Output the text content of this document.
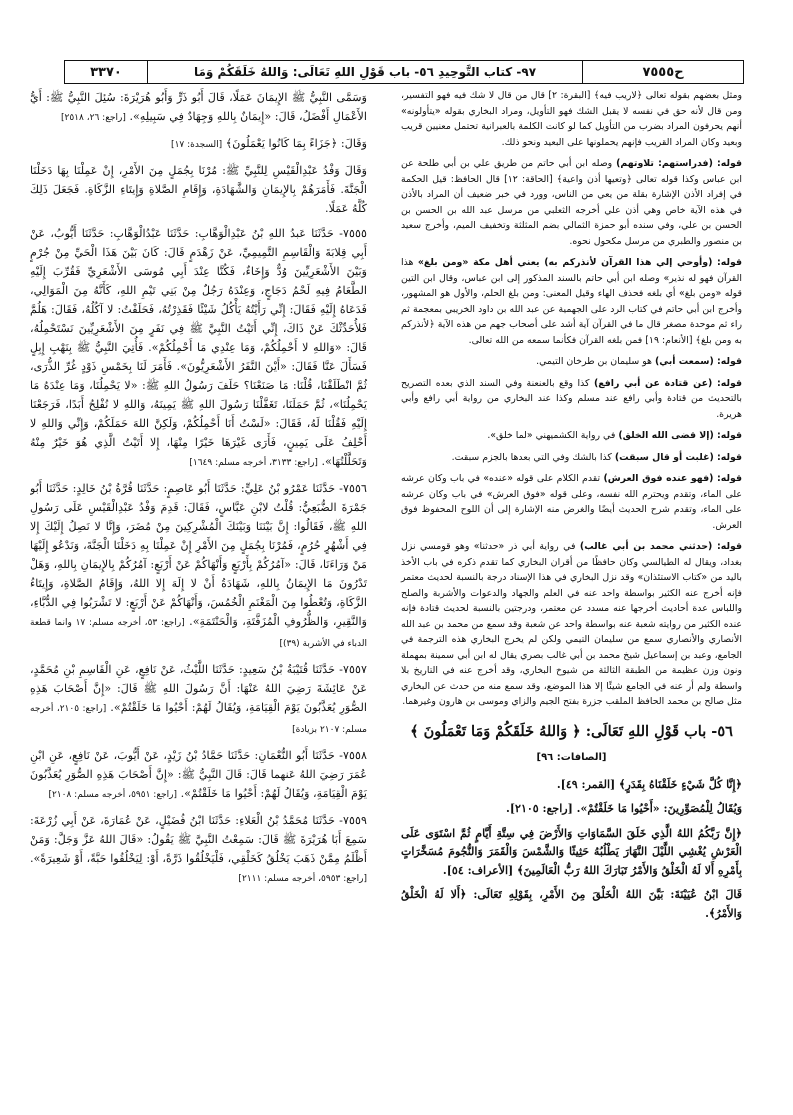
٣٣٧٠	٩٧- كتاب التَّوحِيدِ ٥٦- باب قَوْلِ اللهِ تَعَالَى: وَاللهُ خَلَقَكُمْ وَمَا	ح٧٥٥٥

وَسَمَّى النَّبِيُّ ﷺ الإِيمَانَ عَمَلًا، قَالَ أَبُو ذَرٍّ وَأَبُو هُرَيْرَةَ: سُئِلَ النَّبِيُّ ﷺ: أَيُّ الأَعْمَالِ أَفْضَلُ، قَالَ: «إِيمَانٌ بِاللهِ وَجِهَادٌ فِي سَبِيلِهِ». [راجع: ٢٦، ٢٥١٨]

وَقَالَ: ﴿جَزَاءً بِمَا كَانُوا يَعْمَلُونَ﴾ [السجدة: ١٧]

وَقَالَ وَفْدُ عَبْدِالْقَيْسِ لِلنَّبِيِّ ﷺ: مُرْنَا بِجُمَلٍ مِنَ الأَمْرِ، إِنْ عَمِلْنَا بِهَا دَخَلْنَا الْجَنَّةَ. فَأَمَرَهُمْ بِالإِيمَانِ وَالشَّهَادَةِ، وَإِقَامِ الصَّلاةِ وَإِيتَاءِ الزَّكَاةِ. فَجَعَلَ ذَلِكَ كُلَّهُ عَمَلًا.

٧٥٥٥- حَدَّثَنَا عَبدُ اللهِ بْنُ عَبْدِالْوَهَّابِ: حَدَّثَنَا عَبْدُالْوَهَّابِ: حَدَّثَنَا أَيُّوبُ، عَنْ أَبِي قِلابَةَ وَالْقَاسِمِ التَّمِيمِيِّ، عَنْ زَهْدَمٍ قَالَ: كَانَ بَيْنَ هَذَا الْحَيِّ مِنْ جُرْمٍ وَبَيْنَ الأَشْعَرِيِّينَ وُدٌّ وَإِخَاءٌ، فَكُنَّا عِنْدَ أَبِي مُوسَى الأَشْعَرِيِّ فَقُرِّبَ إِلَيْهِ الطَّعَامُ فِيهِ لَحْمُ دَجَاجٍ، وَعِنْدَهُ رَجُلٌ مِنْ بَنِي تَيْمِ اللهِ، كَأَنَّهُ مِنَ الْمَوَالِي، فَدَعَاهُ إِلَيْهِ فَقَالَ: إِنِّي رَأَيْتُهُ يَأْكُلُ شَيْئًا فَقَذِرْتُهُ، فَحَلَفْتُ: لا آكُلُهُ، فَقَالَ: هَلُمَّ فَلأُحَدِّثْكَ عَنْ ذَاكَ، إِنِّي أَتَيْتُ النَّبِيَّ ﷺ فِي نَفَرٍ مِنَ الأَشْعَرِيِّينَ نَسْتَحْمِلُهُ، قَالَ: «وَاللهِ لا أَحْمِلُكُمْ، وَمَا عِنْدِي مَا أَحْمِلُكُمْ». فَأُتِيَ النَّبِيُّ ﷺ بِنَهْبِ إِبِلٍ فَسَأَلَ عَنَّا فَقَالَ: «أَيْنَ النَّفَرُ الأَشْعَرِيُّونَ». فَأَمَرَ لَنَا بِخَمْسِ ذَوْدٍ غُرِّ الذُّرَى، ثُمَّ انْطَلَقْنَا، قُلْنَا: مَا صَنَعْنَا؟ حَلَفَ رَسُولُ اللهِ ﷺ: «لا يَحْمِلُنَا، وَمَا عِنْدَهُ مَا يَحْمِلُنَا»، ثُمَّ حَمَلَنَا، تَغَفَّلْنَا رَسُولَ اللهِ ﷺ يَمِينَهُ، وَاللهِ لا نُفْلِحُ أَبَدًا، فَرَجَعْنَا إِلَيْهِ فَقُلْنَا لَهُ، فَقَالَ: «لَسْتُ أَنَا أَحْمِلُكُمْ، وَلَكِنَّ اللهَ حَمَلَكُمْ، وَإِنِّي وَاللهِ لا أَحْلِفُ عَلَى يَمِينٍ، فَأَرَى غَيْرَهَا خَيْرًا مِنْهَا، إِلا أَتَيْتُ الَّذِي هُوَ خَيْرٌ مِنْهُ وَتَحَلَّلْتُهَا». [راجع: ٣١٣٣، أخرجه مسلم: ١٦٤٩]

٧٥٥٦- حَدَّثَنَا عَمْرُو بْنُ عَلِيٍّ: حَدَّثَنَا أَبُو عَاصِمٍ: حَدَّثَنَا قُرَّةُ بْنُ خَالِدٍ: حَدَّثَنَا أَبُو جَمْرَةَ الضُّبَعِيُّ: قُلْتُ لابْنِ عَبَّاسٍ، فَقَالَ: قَدِمَ وَفْدُ عَبْدِالْقَيْسِ عَلَى رَسُولِ اللهِ ﷺ، فَقَالُوا: إِنَّ بَيْنَنَا وَبَيْنَكَ الْمُشْرِكِينَ مِنْ مُضَرَ، وَإِنَّا لا نَصِلُ إِلَيْكَ إِلا فِي أَشْهُرٍ حُرُمٍ، فَمُرْنَا بِجُمَلٍ مِنَ الأَمْرِ إِنْ عَمِلْنَا بِهِ دَخَلْنَا الْجَنَّةَ، وَنَدْعُو إِلَيْهَا مَنْ وَرَاءَنَا، قَالَ: «آمُرُكُمْ بِأَرْبَعٍ وَأَنْهَاكُمْ عَنْ أَرْبَعٍ: آمُرُكُمْ بِالإِيمَانِ بِاللهِ، وَهَلْ تَدْرُونَ مَا الإِيمَانُ بِاللهِ، شَهَادَةُ أَنْ لا إِلَهَ إِلا اللهُ، وَإِقَامُ الصَّلاةِ، وَإِيتَاءُ الزَّكَاةِ، وَتُعْطُوا مِنَ الْمَغْنَمِ الْخُمُسَ، وَأَنْهَاكُمْ عَنْ أَرْبَعٍ: لا تَشْرَبُوا فِي الدُّبَّاءِ، وَالنَّقِيرِ، وَالظُّرُوفِ الْمُزَفَّتَةِ، وَالْحَنْتَمَةِ». [راجع: ٥٣، أخرجه مسلم: ١٧ وانما قطعة الدباء في الأشربة (٣٩)]

٧٥٥٧- حَدَّثَنَا قُتَيْبَةُ بْنُ سَعِيدٍ: حَدَّثَنَا اللَّيْثُ، عَنْ نَافِعٍ، عَنِ الْقَاسِمِ بْنِ مُحَمَّدٍ، عَنْ عَائِشَةَ رَضِيَ اللهُ عَنْهَا: أَنَّ رَسُولَ اللهِ ﷺ قَالَ: «إِنَّ أَصْحَابَ هَذِهِ الصُّوَرِ يُعَذَّبُونَ يَوْمَ الْقِيَامَةِ، وَيُقَالُ لَهُمْ: أَحْيُوا مَا خَلَقْتُمْ». [راجع: ٢١٠٥، أخرجه مسلم: ٢١٠٧ بزيادة]

٧٥٥٨- حَدَّثَنَا أَبُو النُّعْمَانِ: حَدَّثَنَا حَمَّادُ بْنُ زَيْدٍ، عَنْ أَيُّوبَ، عَنْ نَافِعٍ، عَنِ ابْنِ عُمَرَ رَضِيَ اللهُ عَنهما قَالَ: قَالَ النَّبِيُّ ﷺ: «إِنَّ أَصْحَابَ هَذِهِ الصُّوَرِ يُعَذَّبُونَ يَوْمَ الْقِيَامَةِ، وَيُقَالُ لَهُمْ: أَحْيُوا مَا خَلَقْتُمْ». [راجع: ٥٩٥١، أخرجه مسلم: ٢١٠٨]

٧٥٥٩- حَدَّثَنَا مُحَمَّدُ بْنُ الْعَلاءِ: حَدَّثَنَا ابْنُ فُضَيْلٍ، عَنْ عُمَارَةَ، عَنْ أَبِي زُرْعَةَ: سَمِعَ أَبَا هُرَيْرَةَ ﷺ قَالَ: سَمِعْتُ النَّبِيَّ ﷺ يَقُولُ: «قَالَ اللهُ عَزَّ وَجَلَّ: وَمَنْ أَظْلَمُ مِمَّنْ ذَهَبَ يَخْلُقُ كَخَلْقِي، فَلْيَخْلُقُوا ذَرَّةً، أَوْ: لِيَخْلُقُوا حَبَّةً، أَوْ شَعِيرَةً». [راجع: ٥٩٥٣، أخرجه مسلم: ٢١١١]

ومثل بعضهم بقوله تعالى ﴿لاريب فيه﴾ [البقرة: ٢] قال من قال لا شك فيه فهو التفسير، ومن قال لأنه حق في نفسه لا يقبل الشك فهو التأويل، ومراد البخاري بقوله «يتأولونه» أنهم يحرفون المراد بضرب من التأويل كما لو كانت الكلمة بالعبرانية تحتمل معنيين قريب وبعيد وكان المراد القريب فإنهم يحملونها على البعيد ونحو ذلك.

قوله: (فدراستهم: تلاوتهم) وصله ابن أبي حاتم من طريق علي بن أبي طلحة عن ابن عباس وكذا قوله تعالى ﴿وتعيها أذن واعية﴾ [الحاقة: ١٢] قال الحافظ: قيل الحكمة في إفراد الأذن الإشارة بقلة من يعي من الناس، وورد في خبر ضعيف أن المراد بالأذن في هذه الآية خاص وهي أذن علي أخرجه الثعلبي من مرسل عبد الله بن الحسن بن الحسن بن علي، وفي سنده أبو حمزة الثمالي بضم المثلثة وتخفيف الميم، وأخرج سعيد بن منصور والطبري من مرسل مكحول نحوه.

قوله: (وأوحي إلي هذا القرآن لأنذركم به) يعني أهل مكة «ومن بلغ» هذا القرآن فهو له نذير» وصله ابن أبي حاتم بالسند المذكور إلى ابن عباس، وقال ابن التين قوله «ومن بلغ» أي بلغه فحذف الهاء وقيل المعنى: ومن بلغ الحلم، والأول هو المشهور، وأخرج ابن أبي حاتم في كتاب الرد على الجهمية عن عبد الله بن داود الخريبي بمعجمة ثم راء ثم موحدة مصغر قال ما في القرآن آية أشد على أصحاب جهم من هذه الآية ﴿لأنذركم به ومن بلغ﴾ [الأنعام: ١٩] فمن بلغه القرآن فكأنما سمعه من الله تعالى.

قوله: (سمعت أبي) هو سليمان بن طرخان التيمي.

قوله: (عن قتادة عن أبي رافع) كذا وقع بالعنعنة وفي السند الذي بعده التصريح بالتحديث من قتادة وأبي رافع عند مسلم وكذا عند البخاري من رواية أبي رافع وأبي هريرة.

قوله: (إلا قضى الله الخلق) في رواية الكشميهني «لما خلق».

قوله: (غلبت أو قال سبقت) كذا بالشك وفي التي بعدها بالجزم سبقت.

قوله: (فهو عنده فوق العرش) تقدم الكلام على قوله «عنده» في باب وكان عرشه على الماء، وتقدم ويحترم الله نفسه، وعلى قوله «فوق العرش» في باب وكان عرشه على الماء، وتقدم شرح الحديث أيضًا والغرض منه الإشارة إلى أن اللوح المحفوظ فوق العرش.

قوله: (حدثني محمد بن أبي غالب) في رواية أبي ذر «حدثنا» وهو قومسي نزل بغداد، ويقال له الطيالسي وكان حافظًا من أقران البخاري كما تقدم ذكره في باب الأخذ باليد من «كتاب الاستئذان» وقد نزل البخاري في هذا الإسناد درجة بالنسبة لحديث معتمر فإنه أخرج عنه الكثير بواسطة واحد عنه في العلم والجهاد والدعوات والأشربة والصلح واللباس عدة أحاديث أخرجها عنه مسدد عن معتمر، ودرجتين بالنسبة لحديث قتادة فإنه عنده الكثير من روايته شعبة عنه بواسطة واحد عن شعبة وقد سمع من محمد بن عبد الله الأنصاري والأنصاري سمع من سليمان التيمي ولكن لم يخرج البخاري هذه الترجمة في الجامع، وعبد بن إسماعيل شيخ محمد بن أبي غالب بصري يقال له ابن أبي سمينة بمهملة ونون وزن عظيمة من الطبقة الثالثة من شيوخ البخاري، وقد أخرج عنه في التاريخ بلا واسطة ولم أر عنه في الجامع شيئًا إلا هذا الموضع، وقد سمع منه من حدث عن البخاري مثل صالح بن محمد الحافظ الملقب جزرة بفتح الجيم والزاي وموسى بن هارون وغيرهما.

٥٦- باب قَوْلِ اللهِ تَعَالَى: ﴿ وَاللهُ خَلَقَكُمْ وَمَا تَعْمَلُونَ ﴾ [الصافات: ٩٦]

﴿إِنَّا كُلَّ شَيْءٍ خَلَقْنَاهُ بِقَدَرٍ﴾ [القمر: ٤٩].

وَيُقَالُ لِلْمُصَوِّرِينَ: «أَحْيُوا مَا خَلَقْتُمْ». [راجع: ٢١٠٥].

﴿إِنَّ رَبَّكُمُ اللهُ الَّذِي خَلَقَ السَّمَاوَاتِ وَالأَرْضَ فِي سِتَّةِ أَيَّامٍ ثُمَّ اسْتَوَى عَلَى الْعَرْشِ يُغْشِي اللَّيْلَ النَّهَارَ يَطْلُبُهُ حَثِيثًا وَالشَّمْسَ وَالْقَمَرَ وَالنُّجُومَ مُسَخَّرَاتٍ بِأَمْرِهِ أَلا لَهُ الْخَلْقُ وَالأَمْرُ تَبَارَكَ اللهُ رَبُّ الْعَالَمِينَ﴾ [الأعراف: ٥٤].

قَالَ ابْنُ عُيَيْنَةَ: بَيَّنَ اللهُ الْخَلْقَ مِنَ الأَمْرِ، بِقَوْلِهِ تَعَالَى: ﴿أَلا لَهُ الْخَلْقُ وَالأَمْرُ﴾.
